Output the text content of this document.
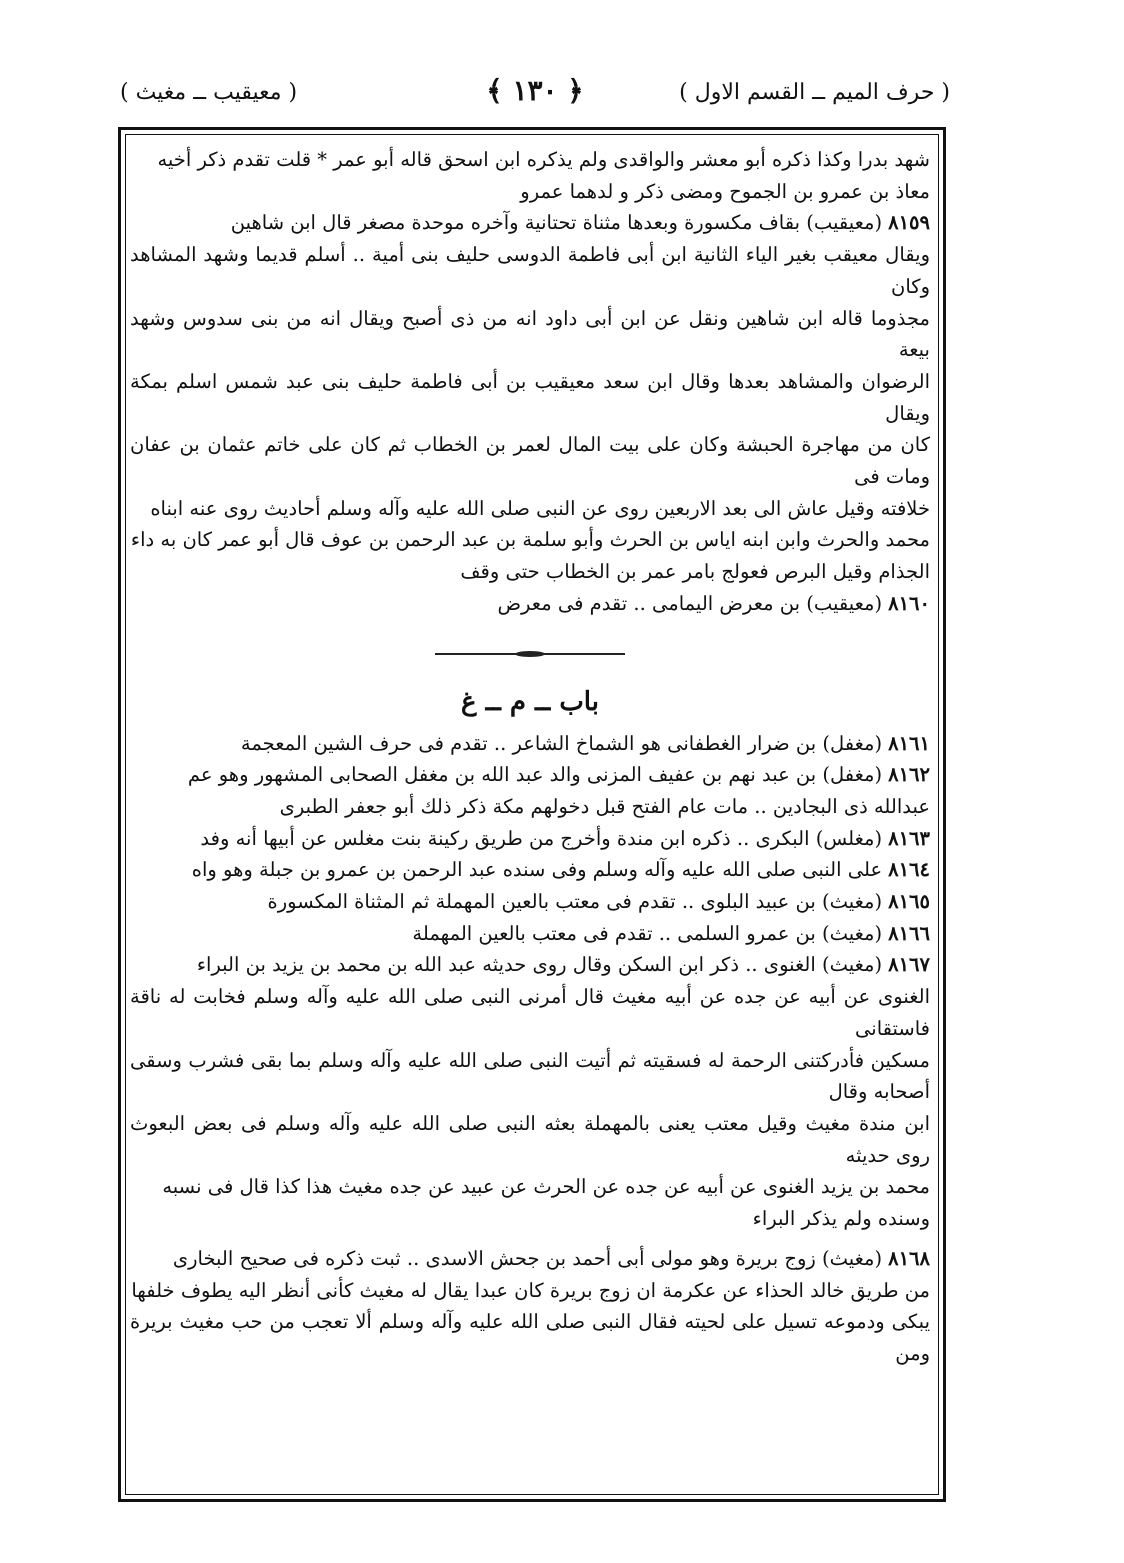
( حرف الميم ــ القسم الاول )
﴿ ١٣٠ ﴾
( معيقيب ــ مغيث )

شهد بدرا وكذا ذكره أبو معشر والواقدى ولم يذكره ابن اسحق قاله أبو عمر * قلت تقدم ذكر أخيه

معاذ بن عمرو بن الجموح ومضى ذكر و لدهما عمرو

٨١٥٩(معيقيب) بقاف مكسورة وبعدها مثناة تحتانية وآخره موحدة مصغر قال ابن شاهين

ويقال معيقب بغير الياء الثانية ابن أبى فاطمة الدوسى حليف بنى أمية .. أسلم قديما وشهد المشاهد وكان

مجذوما قاله ابن شاهين ونقل عن ابن أبى داود انه من ذى أصبح ويقال انه من بنى سدوس وشهد بيعة

الرضوان والمشاهد بعدها وقال ابن سعد معيقيب بن أبى فاطمة حليف بنى عبد شمس اسلم بمكة ويقال

كان من مهاجرة الحبشة وكان على بيت المال لعمر بن الخطاب ثم كان على خاتم عثمان بن عفان ومات فى

خلافته وقيل عاش الى بعد الاربعين روى عن النبى صلى الله عليه وآله وسلم أحاديث روى عنه ابناه

محمد والحرث وابن ابنه اياس بن الحرث وأبو سلمة بن عبد الرحمن بن عوف قال أبو عمر كان به داء

الجذام وقيل البرص فعولج بامر عمر بن الخطاب حتى وقف

٨١٦٠(معيقيب) بن معرض اليمامى .. تقدم فى معرض

باب ــ م ــ غ

٨١٦١(مغفل) بن ضرار الغطفانى هو الشماخ الشاعر .. تقدم فى حرف الشين المعجمة

٨١٦٢(مغفل) بن عبد نهم بن عفيف المزنى والد عبد الله بن مغفل الصحابى المشهور وهو عم

عبدالله ذى البجادين .. مات عام الفتح قبل دخولهم مكة ذكر ذلك أبو جعفر الطبرى

٨١٦٣(مغلس) البكرى .. ذكره ابن مندة وأخرج من طريق ركينة بنت مغلس عن أبيها أنه وفد

٨١٦٤على النبى صلى الله عليه وآله وسلم وفى سنده عبد الرحمن بن عمرو بن جبلة وهو واه

٨١٦٥(مغيث) بن عبيد البلوى .. تقدم فى معتب بالعين المهملة ثم المثناة المكسورة

٨١٦٦(مغيث) بن عمرو السلمى .. تقدم فى معتب بالعين المهملة

٨١٦٧(مغيث) الغنوى .. ذكر ابن السكن وقال روى حديثه عبد الله بن محمد بن يزيد بن البراء

الغنوى عن أبيه عن جده عن أبيه مغيث قال أمرنى النبى صلى الله عليه وآله وسلم فخابت له ناقة فاستقانى

مسكين فأدركتنى الرحمة له فسقيته ثم أتيت النبى صلى الله عليه وآله وسلم بما بقى فشرب وسقى أصحابه وقال

ابن مندة مغيث وقيل معتب يعنى بالمهملة بعثه النبى صلى الله عليه وآله وسلم فى بعض البعوث روى حديثه

محمد بن يزيد الغنوى عن أبيه عن جده عن الحرث عن عبيد عن جده مغيث هذا كذا قال فى نسبه

وسنده ولم يذكر البراء

٨١٦٨(مغيث) زوج بريرة وهو مولى أبى أحمد بن جحش الاسدى .. ثبت ذكره فى صحيح البخارى

من طريق خالد الحذاء عن عكرمة ان زوج بريرة كان عبدا يقال له مغيث كأنى أنظر اليه يطوف خلفها

يبكى ودموعه تسيل على لحيته فقال النبى صلى الله عليه وآله وسلم ألا تعجب من حب مغيث بريرة ومن
